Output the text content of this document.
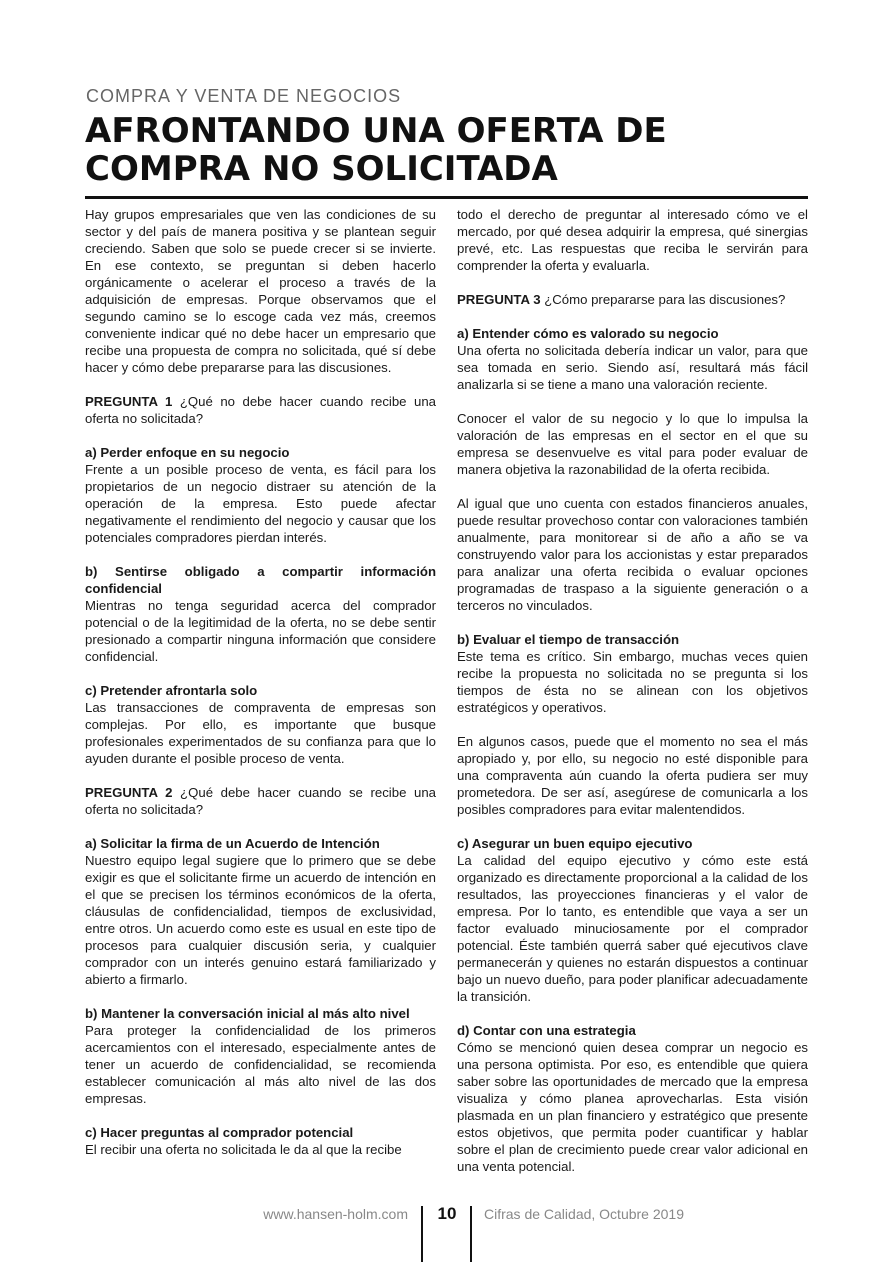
COMPRA Y VENTA DE NEGOCIOS
AFRONTANDO UNA OFERTA DE COMPRA NO SOLICITADA

Hay grupos empresariales que ven las condiciones de su sector y del país de manera positiva y se plantean seguir creciendo. Saben que solo se puede crecer si se invierte. En ese contexto, se preguntan si deben hacerlo orgánicamente o acelerar el proceso a través de la adquisición de empresas. Porque observamos que el segundo camino se lo escoge cada vez más, creemos conveniente indicar qué no debe hacer un empresario que recibe una propuesta de compra no solicitada, qué sí debe hacer y cómo debe prepararse para las discusiones.

PREGUNTA 1 ¿Qué no debe hacer cuando recibe una oferta no solicitada?

a) Perder enfoque en su negocio
Frente a un posible proceso de venta, es fácil para los propietarios de un negocio distraer su atención de la operación de la empresa. Esto puede afectar negativamente el rendimiento del negocio y causar que los potenciales compradores pierdan interés.

b) Sentirse obligado a compartir información confidencial
Mientras no tenga seguridad acerca del comprador potencial o de la legitimidad de la oferta, no se debe sentir presionado a compartir ninguna información que considere confidencial.

c) Pretender afrontarla solo
Las transacciones de compraventa de empresas son complejas. Por ello, es importante que busque profesionales experimentados de su confianza para que lo ayuden durante el posible proceso de venta.

PREGUNTA 2 ¿Qué debe hacer cuando se recibe una oferta no solicitada?

a) Solicitar la firma de un Acuerdo de Intención
Nuestro equipo legal sugiere que lo primero que se debe exigir es que el solicitante firme un acuerdo de intención en el que se precisen los términos económicos de la oferta, cláusulas de confidencialidad, tiempos de exclusividad, entre otros. Un acuerdo como este es usual en este tipo de procesos para cualquier discusión seria, y cualquier comprador con un interés genuino estará familiarizado y abierto a firmarlo.

b) Mantener la conversación inicial al más alto nivel
Para proteger la confidencialidad de los primeros acercamientos con el interesado, especialmente antes de tener un acuerdo de confidencialidad, se recomienda establecer comunicación al más alto nivel de las dos empresas.

c) Hacer preguntas al comprador potencial
El recibir una oferta no solicitada le da al que la recibe

todo el derecho de preguntar al interesado cómo ve el mercado, por qué desea adquirir la empresa, qué sinergias prevé, etc. Las respuestas que reciba le servirán para comprender la oferta y evaluarla.

PREGUNTA 3 ¿Cómo prepararse para las discusiones?

a) Entender cómo es valorado su negocio
Una oferta no solicitada debería indicar un valor, para que sea tomada en serio. Siendo así, resultará más fácil analizarla si se tiene a mano una valoración reciente.

Conocer el valor de su negocio y lo que lo impulsa la valoración de las empresas en el sector en el que su empresa se desenvuelve es vital para poder evaluar de manera objetiva la razonabilidad de la oferta recibida.

Al igual que uno cuenta con estados financieros anuales, puede resultar provechoso contar con valoraciones también anualmente, para monitorear si de año a año se va construyendo valor para los accionistas y estar preparados para analizar una oferta recibida o evaluar opciones programadas de traspaso a la siguiente generación o a terceros no vinculados.

b) Evaluar el tiempo de transacción
Este tema es crítico. Sin embargo, muchas veces quien recibe la propuesta no solicitada no se pregunta si los tiempos de ésta no se alinean con los objetivos estratégicos y operativos.

En algunos casos, puede que el momento no sea el más apropiado y, por ello, su negocio no esté disponible para una compraventa aún cuando la oferta pudiera ser muy prometedora. De ser así, asegúrese de comunicarla a los posibles compradores para evitar malentendidos.

c) Asegurar un buen equipo ejecutivo
La calidad del equipo ejecutivo y cómo este está organizado es directamente proporcional a la calidad de los resultados, las proyecciones financieras y el valor de empresa. Por lo tanto, es entendible que vaya a ser un factor evaluado minuciosamente por el comprador potencial. Éste también querrá saber qué ejecutivos clave permanecerán y quienes no estarán dispuestos a continuar bajo un nuevo dueño, para poder planificar adecuadamente la transición.

d) Contar con una estrategia
Cómo se mencionó quien desea comprar un negocio es una persona optimista. Por eso, es entendible que quiera saber sobre las oportunidades de mercado que la empresa visualiza y cómo planea aprovecharlas. Esta visión plasmada en un plan financiero y estratégico que presente estos objetivos, que permita poder cuantificar y hablar sobre el plan de crecimiento puede crear valor adicional en una venta potencial.

www.hansen-holm.com	10	Cifras de Calidad, Octubre 2019
